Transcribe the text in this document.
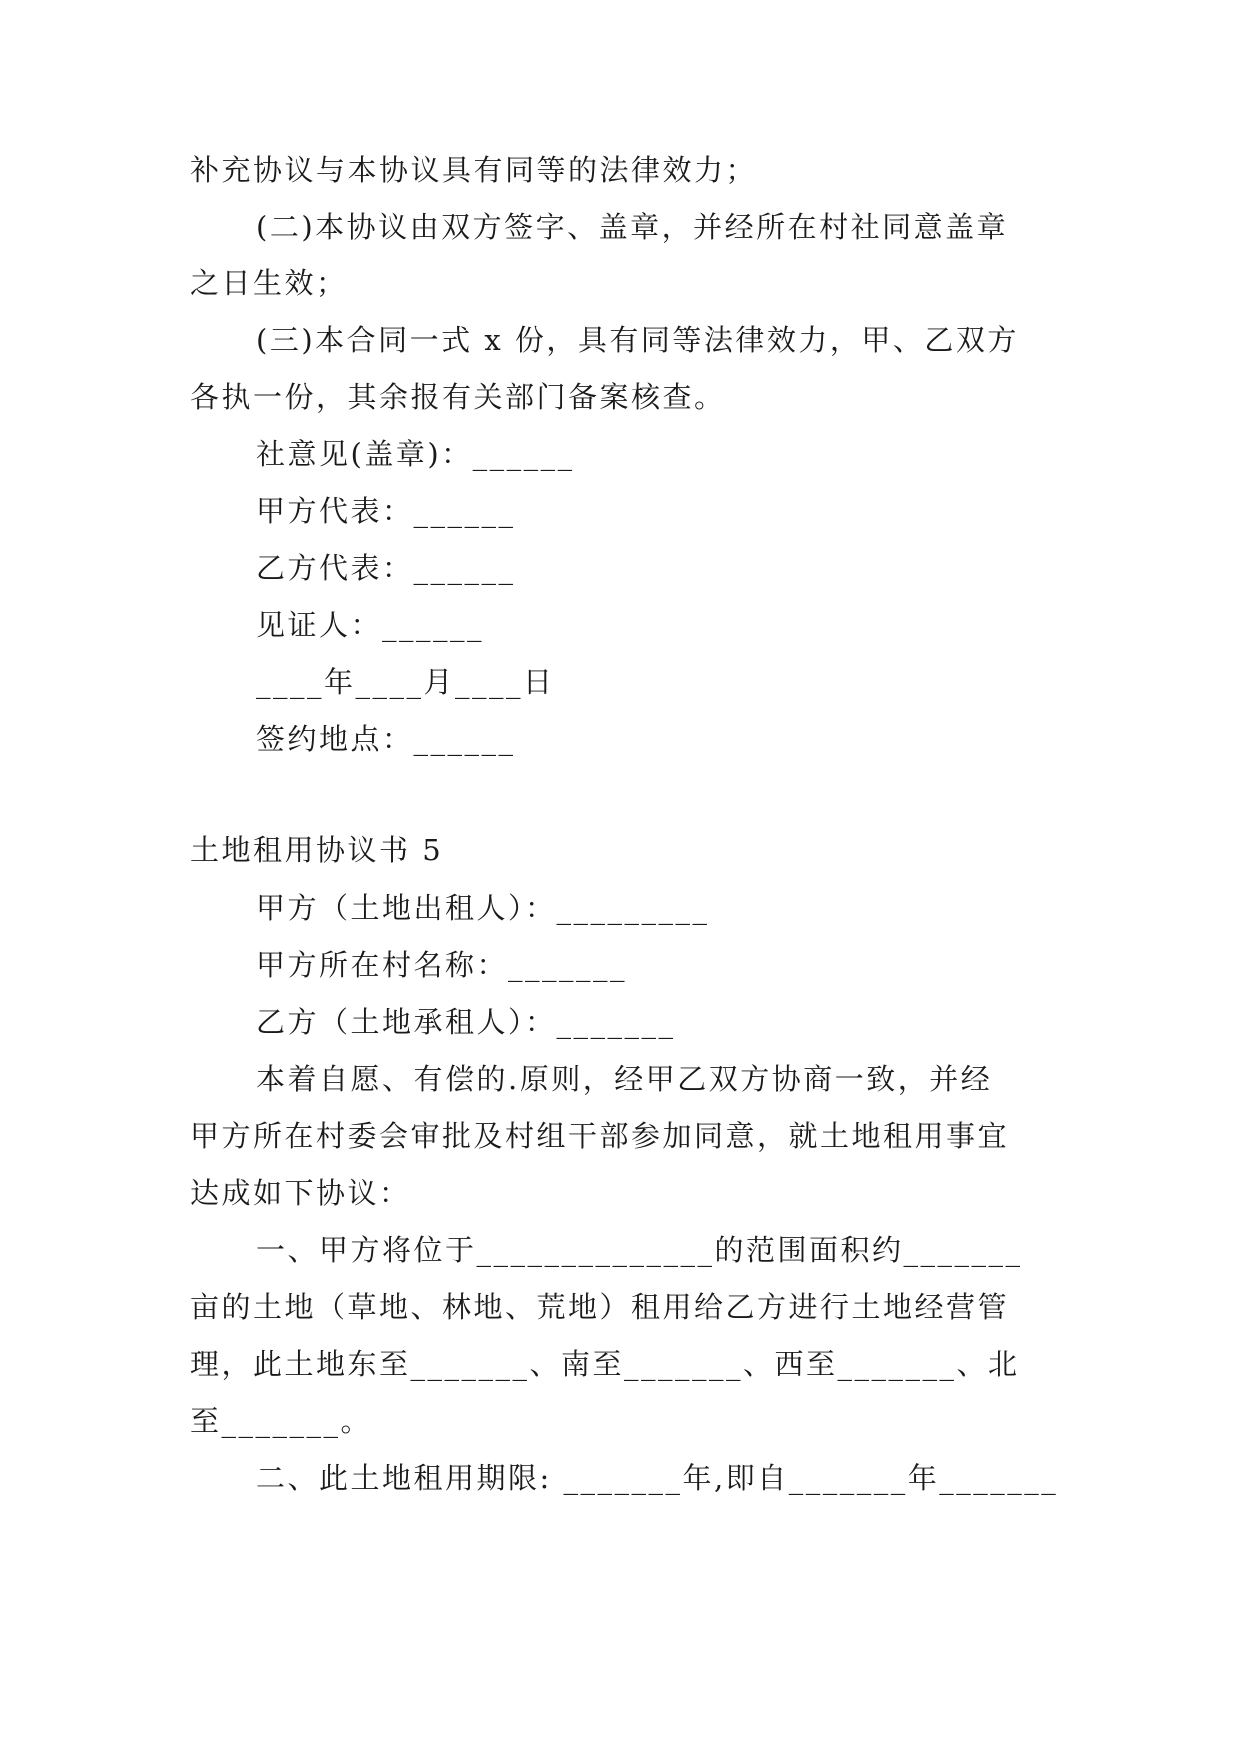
补充协议与本协议具有同等的法律效力；
(二)本协议由双方签字、盖章，并经所在村社同意盖章
之日生效；
(三)本合同一式 x 份，具有同等法律效力，甲、乙双方
各执一份，其余报有关部门备案核查。
社意见(盖章)：______
甲方代表：______
乙方代表：______
见证人：______
____年____月____日
签约地点：______
土地租用协议书 5
甲方（土地出租人）：_________
甲方所在村名称：_______
乙方（土地承租人）：_______
本着自愿、有偿的.原则，经甲乙双方协商一致，并经
甲方所在村委会审批及村组干部参加同意，就土地租用事宜
达成如下协议：
一、甲方将位于______________的范围面积约_______
亩的土地（草地、林地、荒地）租用给乙方进行土地经营管
理，此土地东至_______、南至_______、西至_______、北
至_______。
二、此土地租用期限: _______年,即自_______年_______
